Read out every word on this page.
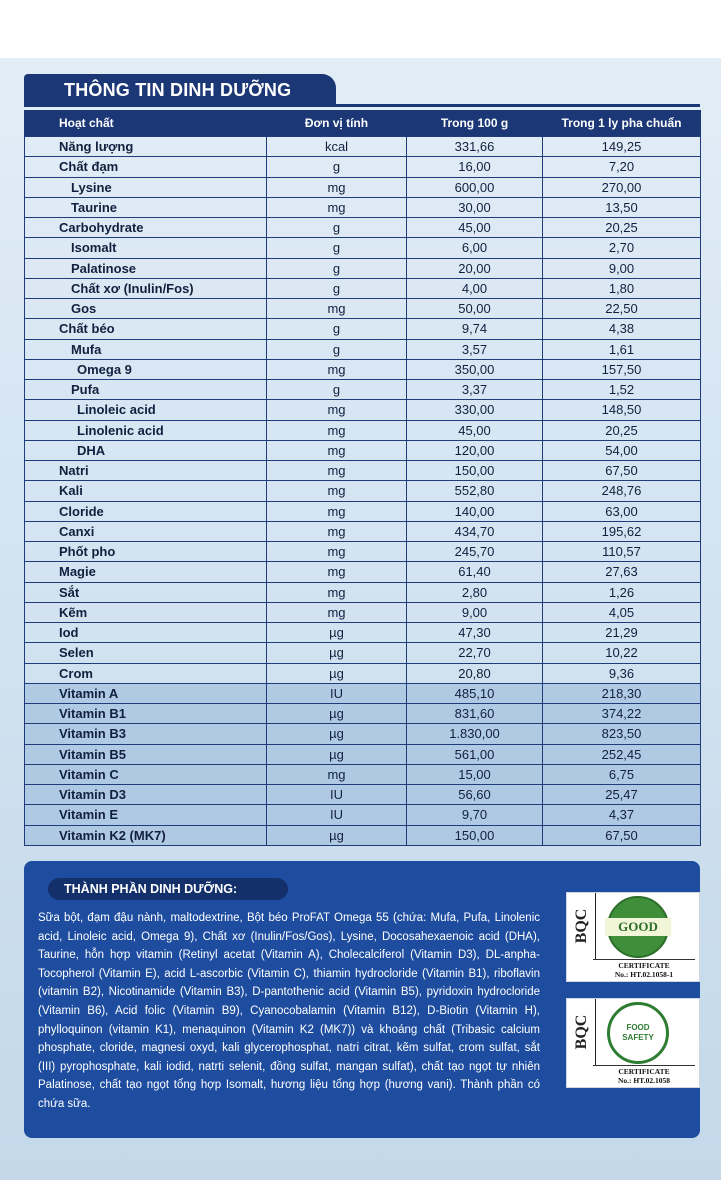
THÔNG TIN DINH DƯỠNG
Hoạt chất	Đơn vị tính	Trong 100 g	Trong 1 ly pha chuẩn
Năng lượng	kcal	331,66	149,25
Chất đạm	g	16,00	7,20
Lysine	mg	600,00	270,00
Taurine	mg	30,00	13,50
Carbohydrate	g	45,00	20,25
Isomalt	g	6,00	2,70
Palatinose	g	20,00	9,00
Chất xơ (Inulin/Fos)	g	4,00	1,80
Gos	mg	50,00	22,50
Chất béo	g	9,74	4,38
Mufa	g	3,57	1,61
Omega 9	mg	350,00	157,50
Pufa	g	3,37	1,52
Linoleic acid	mg	330,00	148,50
Linolenic acid	mg	45,00	20,25
DHA	mg	120,00	54,00
Natri	mg	150,00	67,50
Kali	mg	552,80	248,76
Cloride	mg	140,00	63,00
Canxi	mg	434,70	195,62
Phốt pho	mg	245,70	110,57
Magie	mg	61,40	27,63
Sắt	mg	2,80	1,26
Kẽm	mg	9,00	4,05
Iod	µg	47,30	21,29
Selen	µg	22,70	10,22
Crom	µg	20,80	9,36
Vitamin A	IU	485,10	218,30
Vitamin B1	µg	831,60	374,22
Vitamin B3	µg	1.830,00	823,50
Vitamin B5	µg	561,00	252,45
Vitamin C	mg	15,00	6,75
Vitamin D3	IU	56,60	25,47
Vitamin E	IU	9,70	4,37
Vitamin K2 (MK7)	µg	150,00	67,50
THÀNH PHẦN DINH DƯỠNG:

Sữa bột, đạm đậu nành, maltodextrine, Bột béo ProFAT Omega 55 (chứa: Mufa, Pufa, Linolenic acid, Linoleic acid, Omega 9), Chất xơ (Inulin/Fos/Gos), Lysine, Docosahexaenoic acid (DHA), Taurine, hỗn hợp vitamin (Retinyl acetat (Vitamin A), Cholecalciferol (Vitamin D3), DL-anpha-Tocopherol (Vitamin E), acid L-ascorbic (Vitamin C), thiamin hydrocloride (Vitamin B1), riboflavin (vitamin B2), Nicotinamide (Vitamin B3), D-pantothenic acid (Vitamin B5), pyridoxin hydrocloride (Vitamin B6), Acid folic (Vitamin B9), Cyanocobalamin (Vitamin B12), D-Biotin (Vitamin H), phylloquinon (vitamin K1), menaquinon (Vitamin K2 (MK7)) và khoáng chất (Tribasic calcium phosphate, cloride, magnesi oxyd, kali glycerophosphat, natri citrat, kẽm sulfat, crom sulfat, sắt (III) pyrophosphate, kali iodid, natrti selenit, đồng sulfat, mangan sulfat), chất tạo ngọt tự nhiên Palatinose, chất tạo ngọt tổng hợp Isomalt, hương liệu tổng hợp (hương vani). Thành phần có chứa sữa.

BQC	GOOD
CERTIFICATE
No.: HT.02.1058-1
BQC	FOOD SAFETY
CERTIFICATE
No.: HT.02.1058
